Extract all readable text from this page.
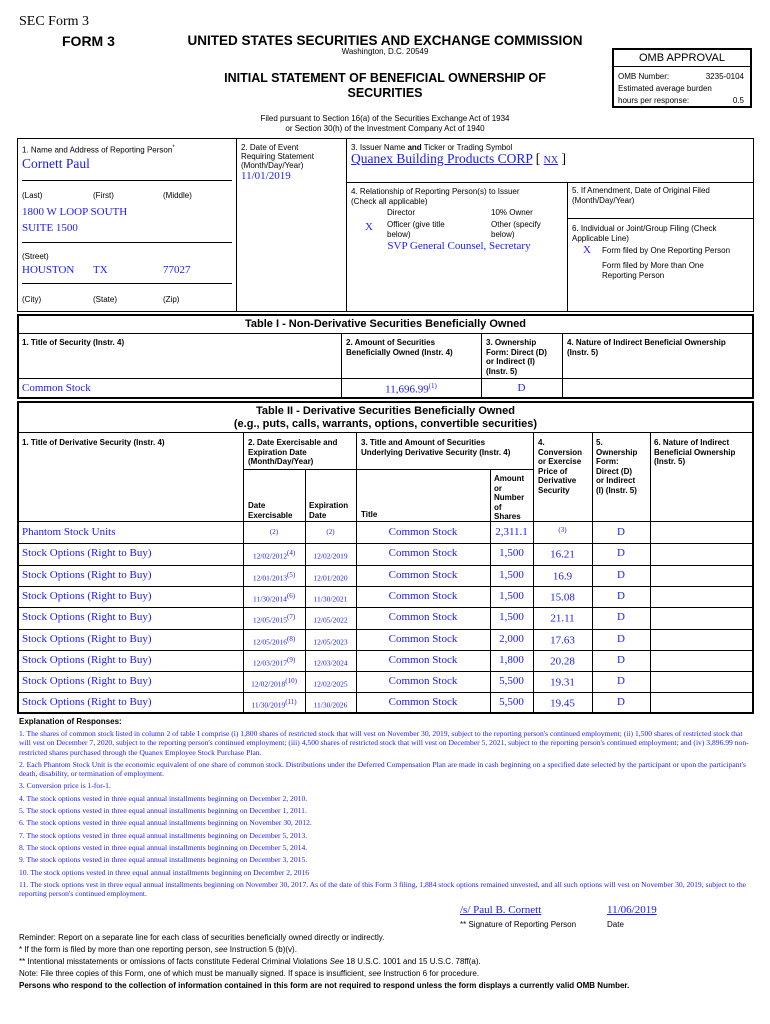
SEC Form 3
FORM 3	UNITED STATES SECURITIES AND EXCHANGE COMMISSION
Washington, D.C. 20549
INITIAL STATEMENT OF BENEFICIAL OWNERSHIP OF
SECURITIES
Filed pursuant to Section 16(a) of the Securities Exchange Act of 1934
or Section 30(h) of the Investment Company Act of 1940
OMB APPROVAL
OMB Number:	3235-0104
Estimated average burden
hours per response:	0.5
1. Name and Address of Reporting Person*
Cornett Paul
(Last)	(First)	(Middle)
1800 W LOOP SOUTH
SUITE 1500
(Street)
HOUSTON TX	77027
(City)	(State)	(Zip)
2. Date of Event
Requiring Statement
(Month/Day/Year)
11/01/2019
3. Issuer Name and Ticker or Trading Symbol
Quanex Building Products CORP [ NX ]
4. Relationship of Reporting Person(s) to Issuer
(Check all applicable)
Director	10% Owner
X Officer (give title
below)
Other (specify
below)
SVP General Counsel, Secretary
5. If Amendment, Date of Original Filed
(Month/Day/Year)
6. Individual or Joint/Group Filing (Check
Applicable Line)
X Form filed by One Reporting Person
Form filed by More than One
Reporting Person
Table I - Non-Derivative Securities Beneficially Owned
1. Title of Security (Instr. 4)	2. Amount of Securities
Beneficially Owned (Instr. 4)
3. Ownership
Form: Direct (D)
or Indirect (I)
(Instr. 5)
4. Nature of Indirect Beneficial Ownership
(Instr. 5)
Common Stock	11,696.99$^{(1)}$	D
Table II - Derivative Securities Beneficially Owned
(e.g., puts, calls, warrants, options, convertible securities)
1. Title of Derivative Security (Instr. 4)	2. Date Exercisable and
Expiration Date
(Month/Day/Year)
3. Title and Amount of Securities
Underlying Derivative Security (Instr. 4)
4.
Conversion
or Exercise
Price of
Derivative
Security
5.
Ownership
Form:
Direct (D)
or Indirect
(I) (Instr. 5)
6. Nature of Indirect
Beneficial Ownership
(Instr. 5)
Date
Exercisable
Expiration
Date	Title
Amount
or
Number
of
Shares
Phantom Stock Units	(2)	(2)	Common Stock	2,311.1	$^{(3)}$	D
Stock Options (Right to Buy)	12/02/2012(4)	12/02/2019	Common Stock	1,500	16.21	D
Stock Options (Right to Buy)	12/01/2013(5)	12/01/2020	Common Stock	1,500	16.9	D
Stock Options (Right to Buy)	11/30/2014(6)	11/30/2021	Common Stock	1,500	15.08	D
Stock Options (Right to Buy)	12/05/2015(7)	12/05/2022	Common Stock	1,500	21.11	D
Stock Options (Right to Buy)	12/05/2016(8)	12/05/2023	Common Stock	2,000	17.63	D
Stock Options (Right to Buy)	12/03/2017(9)	12/03/2024	Common Stock	1,800	20.28	D
Stock Options (Right to Buy)	12/02/2018(10)	12/02/2025	Common Stock	5,500	19.31	D
Stock Options (Right to Buy)	11/30/2019(11)	11/30/2026	Common Stock	5,500	19.45	D
Explanation of Responses:
1. The shares of common stock listed in column 2 of table I comprise (i) 1,800 shares of restricted stock that will vest on November 30, 2019, subject to the reporting person's continued employment; (ii) 1,500 shares of restricted stock that will vest on December 7, 2020, subject to the reporting person's continued employment; (iii) 4,500 shares of restricted stock that will vest on December 5, 2021, subject to the reporting person's continued employment; and (iv) 3,896.99 non-restricted shares purchased through the Quanex Employee Stock Purchase Plan.
2. Each Phantom Stock Unit is the economic equivalent of one share of common stock. Distributions under the Deferred Compensation Plan are made in cash beginning on a specified date selected by the participant or upon the participant's death, disability, or termination of employment.
3. Conversion price is 1-for-1.
4. The stock options vested in three equal annual installments beginning on December 2, 2010.
5. The stock options vested in three equal annual installments beginning on December 1, 2011.
6. The stock options vested in three equal annual installments beginning on November 30, 2012.
7. The stock options vested in three equal annual installments beginning on December 5, 2013.
8. The stock options vested in three equal annual installments beginning on December 5, 2014.
9. The stock options vested in three equal annual installments beginning on December 3, 2015.
10. The stock options vested in three equal annual installments beginning on December 2, 2016
11. The stock options vest in three equal annual installments beginning on November 30, 2017. As of the date of this Form 3 filing, 1,884 stock options remained unvested, and all such options will vest on November 30, 2019, subject to the reporting person's continued employment.
/s/ Paul B. Cornett	11/06/2019
** Signature of Reporting Person	Date
Reminder: Report on a separate line for each class of securities beneficially owned directly or indirectly.
* If the form is filed by more than one reporting person, see Instruction 5 (b)(v).
** Intentional misstatements or omissions of facts constitute Federal Criminal Violations See 18 U.S.C. 1001 and 15 U.S.C. 78ff(a).
Note: File three copies of this Form, one of which must be manually signed. If space is insufficient, see Instruction 6 for procedure.
Persons who respond to the collection of information contained in this form are not required to respond unless the form displays a currently valid OMB Number.
